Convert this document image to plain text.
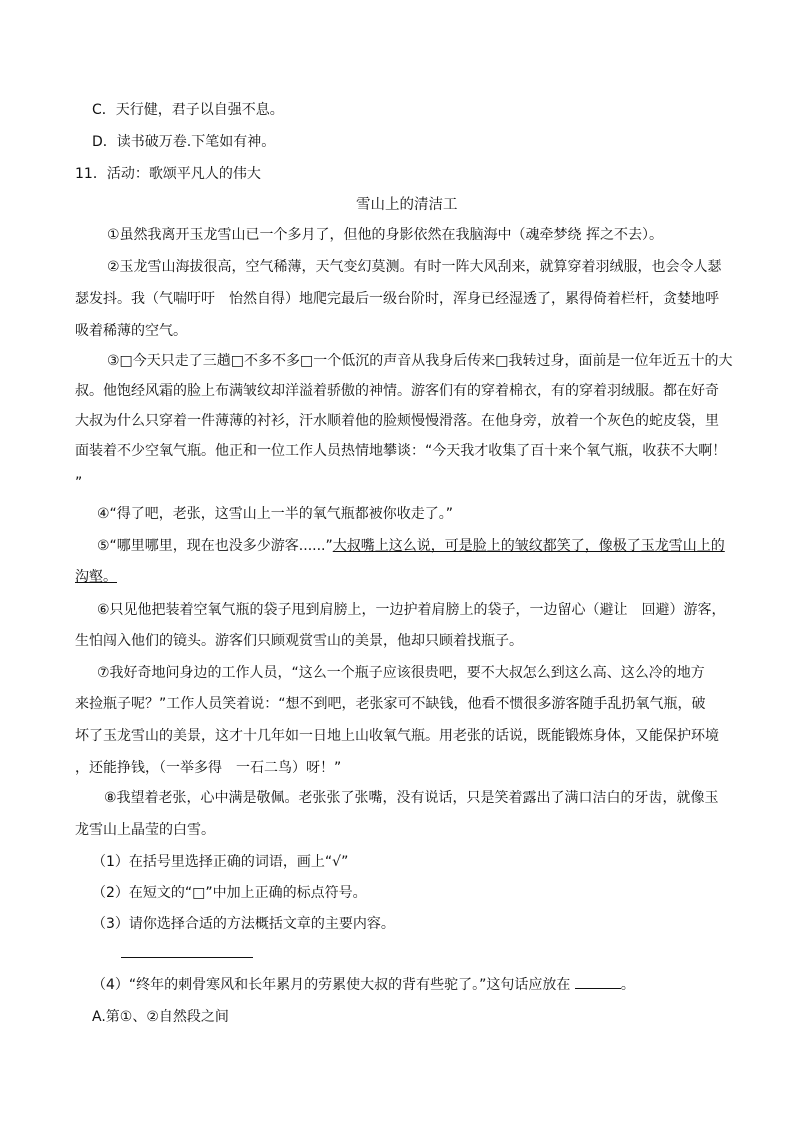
C．天行健，君子以自强不息。
D．读书破万卷.下笔如有神。
11．活动：歌颂平凡人的伟大
雪山上的清洁工
①虽然我离开玉龙雪山已一个多月了，但他的身影依然在我脑海中（魂牵梦绕 挥之不去）。
②玉龙雪山海拔很高，空气稀薄，天气变幻莫测。有时一阵大风刮来，就算穿着羽绒服，也会令人瑟
瑟发抖。我（气喘吁吁　怡然自得）地爬完最后一级台阶时，浑身已经湿透了，累得倚着栏杆，贪婪地呼
吸着稀薄的空气。
③□今天只走了三趟□不多不多□一个低沉的声音从我身后传来□我转过身，面前是一位年近五十的大
叔。他饱经风霜的脸上布满皱纹却洋溢着骄傲的神情。游客们有的穿着棉衣，有的穿着羽绒服。都在好奇
大叔为什么只穿着一件薄薄的衬衫，汗水顺着他的脸颊慢慢滑落。在他身旁，放着一个灰色的蛇皮袋，里
面装着不少空氧气瓶。他正和一位工作人员热情地攀谈：“今天我才收集了百十来个氧气瓶，收获不大啊！
”
④“得了吧，老张，这雪山上一半的氧气瓶都被你收走了。”
⑤“哪里哪里，现在也没多少游客......”大叔嘴上这么说，可是脸上的皱纹都笑了，像极了玉龙雪山上的
沟壑。
⑥只见他把装着空氧气瓶的袋子甩到肩膀上，一边护着肩膀上的袋子，一边留心（避让　回避）游客，
生怕闯入他们的镜头。游客们只顾观赏雪山的美景，他却只顾着找瓶子。
⑦我好奇地问身边的工作人员，“这么一个瓶子应该很贵吧，要不大叔怎么到这么高、这么冷的地方
来捡瓶子呢？”工作人员笑着说：“想不到吧，老张家可不缺钱，他看不惯很多游客随手乱扔氧气瓶，破
坏了玉龙雪山的美景，这才十几年如一日地上山收氧气瓶。用老张的话说，既能锻炼身体，又能保护环境
，还能挣钱，（一举多得　一石二鸟）呀！”
⑧我望着老张，心中满是敬佩。老张张了张嘴，没有说话，只是笑着露出了满口洁白的牙齿，就像玉
龙雪山上晶莹的白雪。
（1）在括号里选择正确的词语，画上“√”
（2）在短文的“□”中加上正确的标点符号。
（3）请你选择合适的方法概括文章的主要内容。
（4）“终年的刺骨寒风和长年累月的劳累使大叔的背有些驼了。”这句话应放在	。
A.第①、②自然段之间
